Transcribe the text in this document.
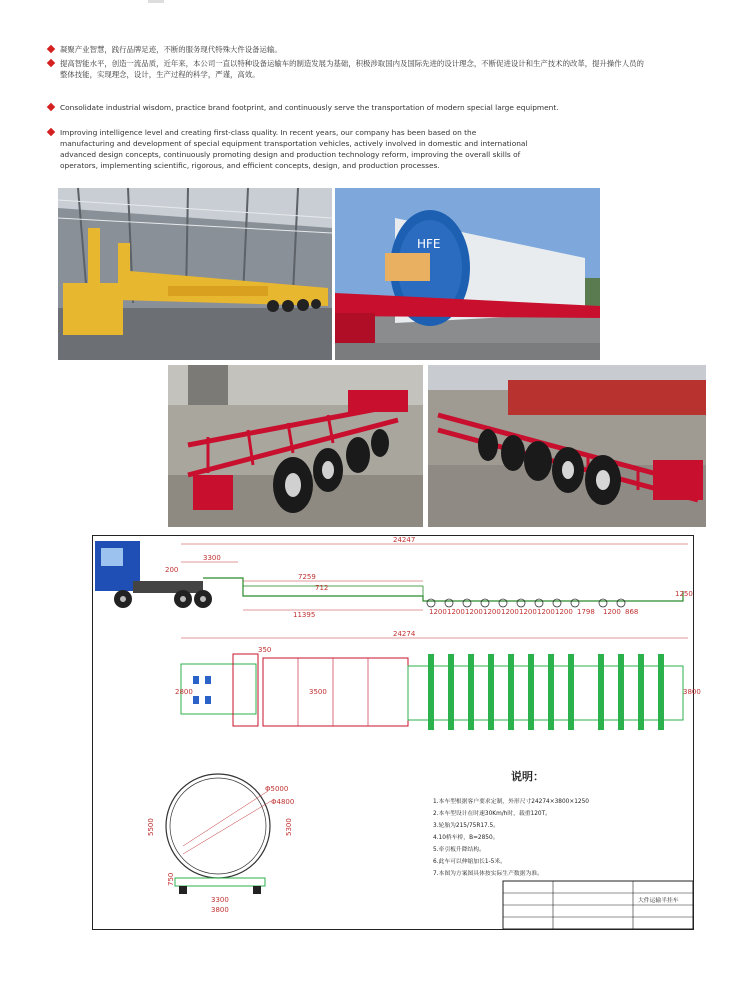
凝聚产业智慧，践行品牌足迹，不断的服务现代特殊大件设备运输。
提高智能水平，创造一流品质，近年来，本公司一直以特种设备运输车的制造发展为基础，积极涉取国内及国际先进的设计理念，不断促进设计和生产技术的改革，提升操作人员的整体技能，实现理念，设计，生产过程的科学，严谨，高效。
Consolidate industrial wisdom, practice brand footprint, and continuously serve the transportation of modern special large equipment.
Improving intelligence level and creating first-class quality. In recent years, our company has been based on the manufacturing and development of special equipment transportation vehicles, actively involved in domestic and international advanced design concepts, continuously promoting design and production technology reform, improving the overall skills of operators, implementing scientific, rigorous, and efficient concepts, design, and production processes.
HFE
24247
3300
200
7259
712
11395
1250
1200 1200 1200 1200 1200 1200 1200 1200 1798 1200 868
24274
350
2800	3500	3800
Φ5000
Φ4800
5500	5300
750
3300
3800
说明：
1.本车型根据客户要求定制，外形尺寸24274×3800×1250
2.本车型设计在时速30Km/h时，载重120T。
3.轮胎为215/75R17.5。
4.10桥车桥，B=2850。
5.牵引板升降结构。
6.此车可以伸缩加长1-5米。
7.本图为方案图具体按实际生产数据为准。
大件运输半挂车
